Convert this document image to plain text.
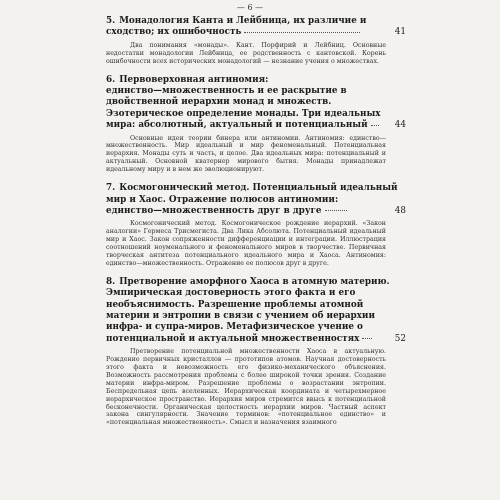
— 6 —
5. Монадология Канта и Лейбница, их различие и
сходство; их ошибочность	41

Два понимания «монады». Кант. Порфирий и Лейбниц. Основные недостатки монадологии Лейбница, ее родственность с кантовской. Корень ошибочности всех исторических монадологий — незнание учения о множествах.

6. Первоверховная антиномия:
единство—множественность и ее раскрытие в
двойственной иерархии монад и множеств.
Эзотерическое определение монады. Три идеальных
мира: абсолютный, актуальный и потенциальный	44

Основные идеи теории бинера или антиномии. Антиномия: единство—множественность. Мир идеальный и мир феноменальный. Потенциальная иерархия. Монады суть и часть, и целое. Два идеальных мира: потенциальный и актуальный. Основной кватернер мирового бытия. Монады принадлежат идеальному миру и в нем же эволюционируют.

7. Космогонический метод. Потенциальный идеальный
мир и Хаос. Отражение полюсов антиномии:
единство—множественность друг в друге	48

Космогонический метод. Космогоническое рождение иерархий. «Закон аналогии» Гермеса Трисмегиста. Два Лика Абсолюта. Потенциальный идеальный мир и Хаос. Закон сопряженности дифференциации и интеграции. Иллюстрация соотношений ноуменального и феноменального миров в творчестве. Первичная творческая антитеза потенциального идеального мира и Хаоса. Антиномия: единство—множественность. Отражение ее полюсов друг в друге.

8. Претворение аморфного Хаоса в атомную материю.
Эмпирическая достоверность этого факта и его
необъяснимость. Разрешение проблемы атомной
материи и энтропии в связи с учением об иерархии
инфра- и супра-миров. Метафизическое учение о
потенциальной и актуальной множественностях	52

Претворение потенциальной множественности Хаоса в актуальную. Рождение первичных кристаллов — прототипов атомов. Научная достоверность этого факта и невозможность его физико-механического объяснения. Возможность рассмотрения проблемы с более широкой точки зрения. Создание материи инфра-миром. Разрешение проблемы о возрастании энтропии. Беспредельная цепь вселенных. Иерархическая координата и четырехмерное иерархическое пространство. Иерархия миров стремится ввысь к потенциальной бесконечности. Органическая целостность иерархии миров. Частный аспект закона сингулярности. Значение терминов: «потенциальное единство» и «потенциальная множественность». Смысл и назначения взаимного
